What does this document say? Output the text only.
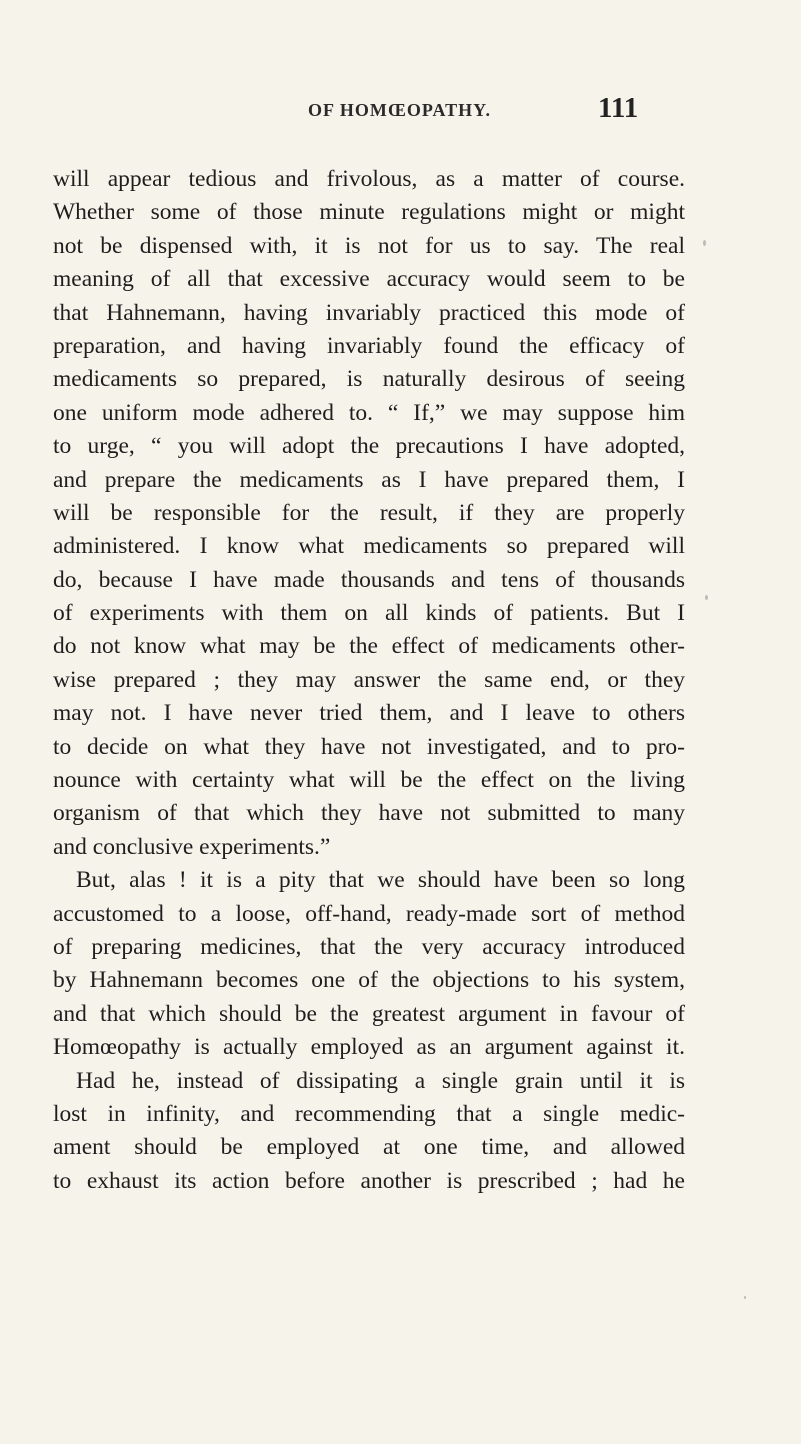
OF HOMŒOPATHY.	111
will appear tedious and frivolous, as a matter of course.
Whether some of those minute regulations might or might
not be dispensed with, it is not for us to say. The real
meaning of all that excessive accuracy would seem to be
that Hahnemann, having invariably practiced this mode of
preparation, and having invariably found the efficacy of
medicaments so prepared, is naturally desirous of seeing
one uniform mode adhered to. “ If,” we may suppose him
to urge, “ you will adopt the precautions I have adopted,
and prepare the medicaments as I have prepared them, I
will be responsible for the result, if they are properly
administered. I know what medicaments so prepared will
do, because I have made thousands and tens of thousands
of experiments with them on all kinds of patients. But I
do not know what may be the effect of medicaments other-
wise prepared ; they may answer the same end, or they
may not. I have never tried them, and I leave to others
to decide on what they have not investigated, and to pro-
nounce with certainty what will be the effect on the living
organism of that which they have not submitted to many
and conclusive experiments.”
But, alas ! it is a pity that we should have been so long
accustomed to a loose, off-hand, ready-made sort of method
of preparing medicines, that the very accuracy introduced
by Hahnemann becomes one of the objections to his system,
and that which should be the greatest argument in favour of
Homœopathy is actually employed as an argument against it.
Had he, instead of dissipating a single grain until it is
lost in infinity, and recommending that a single medic-
ament should be employed at one time, and allowed
to exhaust its action before another is prescribed ; had he
